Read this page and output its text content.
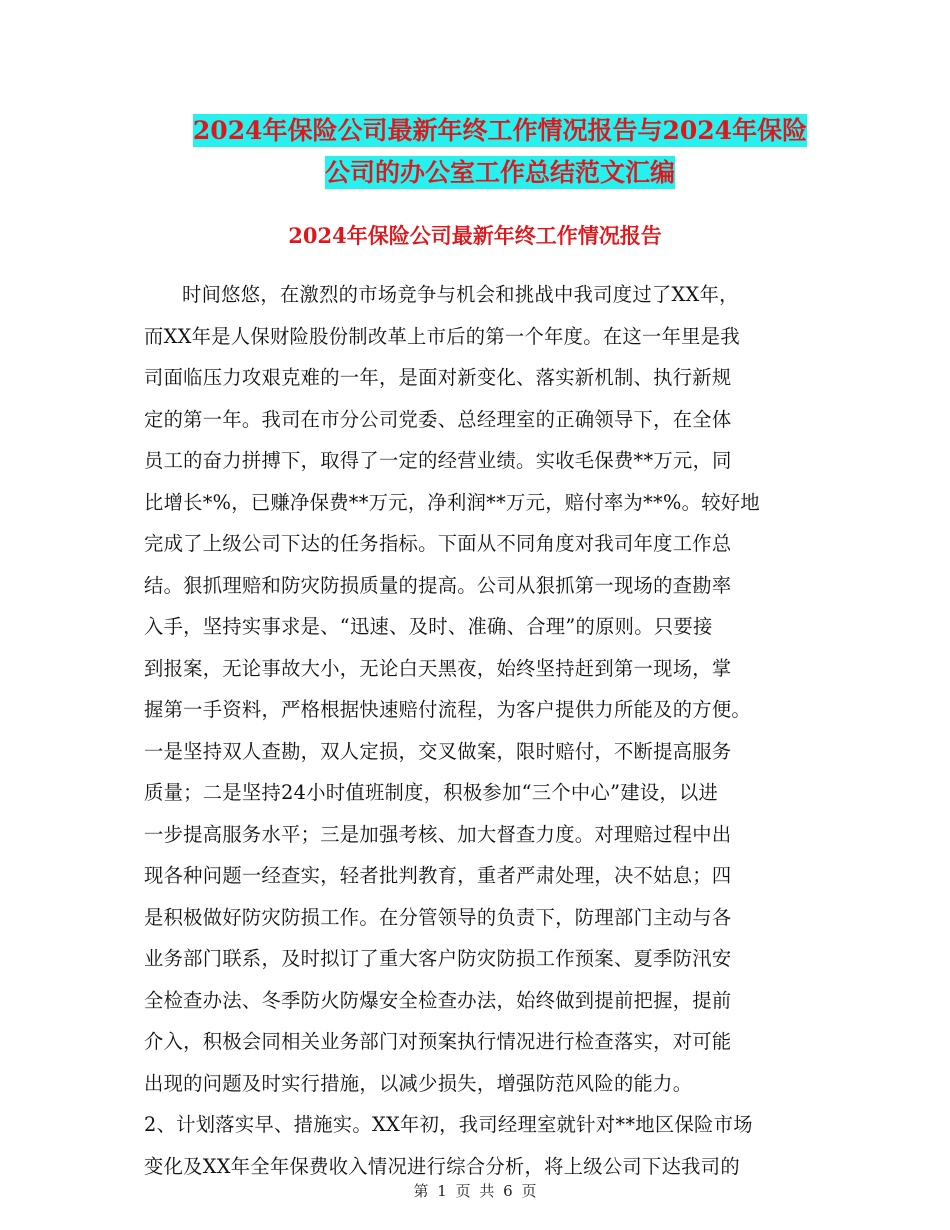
2024年保险公司最新年终工作情况报告与2024年保险
公司的办公室工作总结范文汇编
2024年保险公司最新年终工作情况报告
时间悠悠，在激烈的市场竞争与机会和挑战中我司度过了XX年，
而XX年是人保财险股份制改革上市后的第一个年度。在这一年里是我
司面临压力攻艰克难的一年，是面对新变化、落实新机制、执行新规
定的第一年。我司在市分公司党委、总经理室的正确领导下，在全体
员工的奋力拼搏下，取得了一定的经营业绩。实收毛保费**万元，同
比增长*%，已赚净保费**万元，净利润**万元，赔付率为**%。较好地
完成了上级公司下达的任务指标。下面从不同角度对我司年度工作总
结。狠抓理赔和防灾防损质量的提高。公司从狠抓第一现场的查勘率
入手，坚持实事求是、“迅速、及时、准确、合理”的原则。只要接
到报案，无论事故大小，无论白天黑夜，始终坚持赶到第一现场，掌
握第一手资料，严格根据快速赔付流程，为客户提供力所能及的方便。
一是坚持双人查勘，双人定损，交叉做案，限时赔付，不断提高服务
质量；二是坚持24小时值班制度，积极参加“三个中心”建设，以进
一步提高服务水平；三是加强考核、加大督查力度。对理赔过程中出
现各种问题一经查实，轻者批判教育，重者严肃处理，决不姑息；四
是积极做好防灾防损工作。在分管领导的负责下，防理部门主动与各
业务部门联系，及时拟订了重大客户防灾防损工作预案、夏季防汛安
全检查办法、冬季防火防爆安全检查办法，始终做到提前把握，提前
介入，积极会同相关业务部门对预案执行情况进行检查落实，对可能
出现的问题及时实行措施，以减少损失，增强防范风险的能力。
2、计划落实早、措施实。XX年初，我司经理室就针对**地区保险市场
变化及XX年全年保费收入情况进行综合分析，将上级公司下达我司的
第 1 页 共 6 页
